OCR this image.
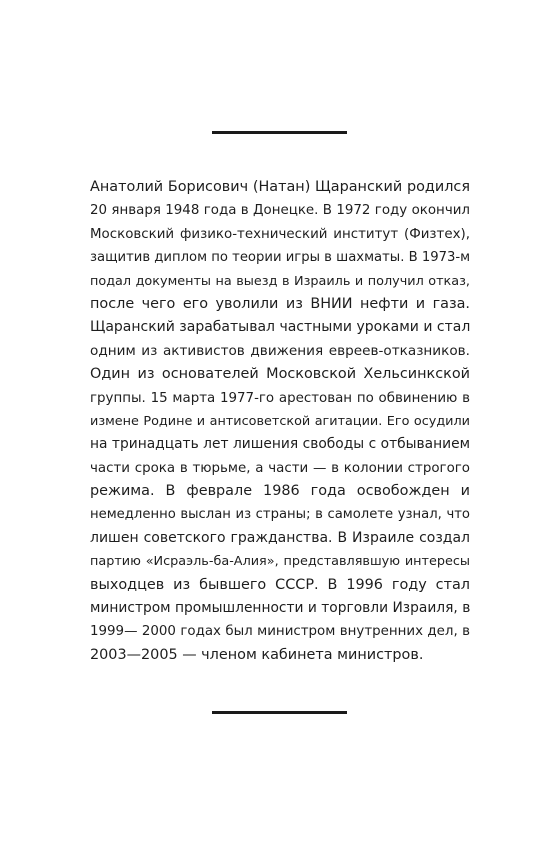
Анатолий Борисович (Натан) Щаранский родился
20 января 1948 года в Донецке. В 1972 году окончил
Московский физико-технический институт (Физтех),
защитив диплом по теории игры в шахматы. В 1973-м
подал документы на выезд в Израиль и получил отказ,
после чего его уволили из ВНИИ нефти и газа.
Щаранский зарабатывал частными уроками и стал
одним из активистов движения евреев-отказников.
Один из основателей Московской Хельсинкской
группы. 15 марта 1977-го арестован по обвинению в
измене Родине и антисоветской агитации. Его осудили
на тринадцать лет лишения свободы с отбыванием
части срока в тюрьме, а части — в колонии строгого
режима. В феврале 1986 года освобожден и
немедленно выслан из страны; в самолете узнал, что
лишен советского гражданства. В Израиле создал
партию «Исраэль-ба-Алия», представлявшую интересы
выходцев из бывшего СССР. В 1996 году стал
министром промышленности и торговли Израиля, в
1999— 2000 годах был министром внутренних дел, в
2003—2005 — членом кабинета министров.
